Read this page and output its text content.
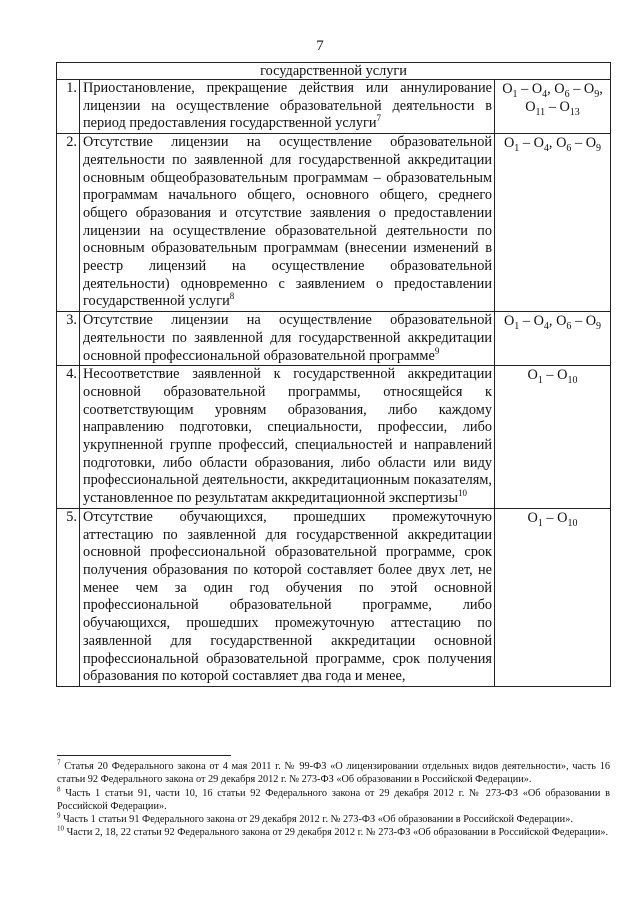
7
государственной услуги		
1.	Приостановление, прекращение действия или аннулирование лицензии на осуществление образовательной деятельности в период предоставления государственной услуги$^7$	$O_1 - O_4$, $O_6 - O_9$,
$O_{11} - O_{13}$
2.	Отсутствие лицензии на осуществление образовательной деятельности по заявленной для государственной аккредитации основным общеобразовательным программам – образовательным программам начального общего, основного общего, среднего общего образования и отсутствие заявления о предоставлении лицензии на осуществление образовательной деятельности по основным образовательным программам (внесении изменений в реестр лицензий на осуществление образовательной деятельности) одновременно с заявлением о предоставлении государственной услуги$^8$	$O_1 - O_4$, $O_6 - O_9$
3.	Отсутствие лицензии на осуществление образовательной деятельности по заявленной для государственной аккредитации основной профессиональной образовательной программе$^9$	$O_1 - O_4$, $O_6 - O_9$
4.	Несоответствие заявленной к государственной аккредитации основной образовательной программы, относящейся к соответствующим уровням образования, либо каждому направлению подготовки, специальности, профессии, либо укрупненной группе профессий, специальностей и направлений подготовки, либо области образования, либо области или виду профессиональной деятельности, аккредитационным показателям, установленное по результатам аккредитационной экспертизы$^{10}$	$O_1 - O_{10}$
5.	Отсутствие обучающихся, прошедших промежуточную аттестацию по заявленной для государственной аккредитации основной профессиональной образовательной программе, срок получения образования по которой составляет более двух лет, не менее чем за один год обучения по этой основной профессиональной образовательной программе, либо обучающихся, прошедших промежуточную аттестацию по заявленной для государственной аккредитации основной профессиональной образовательной программе, срок получения образования по которой составляет два года и менее,	$O_1 - O_{10}$

$^7$ Статья 20 Федерального закона от 4 мая 2011 г. № 99-ФЗ «О лицензировании отдельных видов деятельности», часть 16 статьи 92 Федерального закона от 29 декабря 2012 г. № 273-ФЗ «Об образовании в Российской Федерации».

$^8$ Часть 1 статьи 91, части 10, 16 статьи 92 Федерального закона от 29 декабря 2012 г. № 273-ФЗ «Об образовании в Российской Федерации».

$^9$ Часть 1 статьи 91 Федерального закона от 29 декабря 2012 г. № 273-ФЗ «Об образовании в Российской Федерации».

$^{10}$ Части 2, 18, 22 статьи 92 Федерального закона от 29 декабря 2012 г. № 273-ФЗ «Об образовании в Российской Федерации».
